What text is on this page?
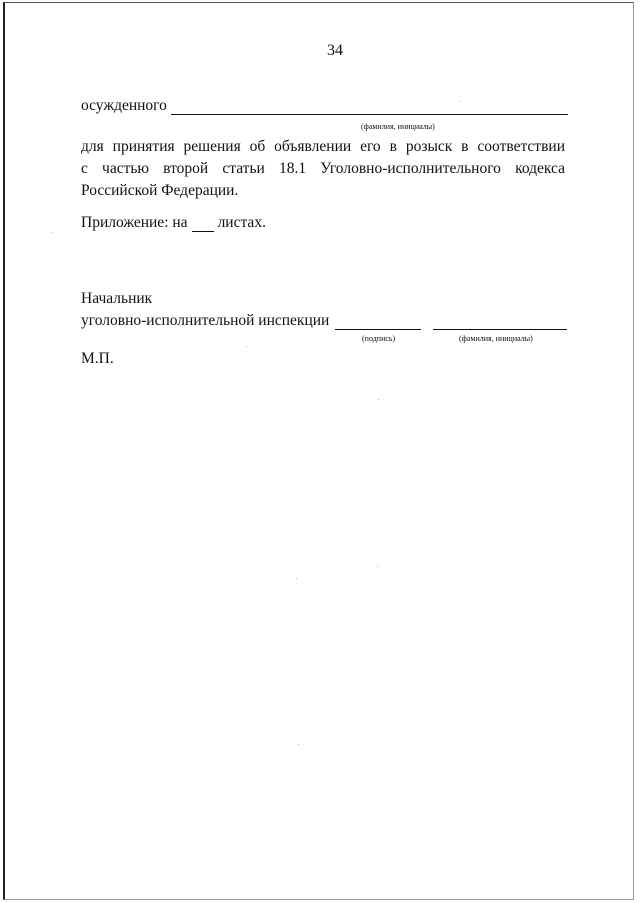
34
осужденного
(фамилия, инициалы)
для принятия решения об объявлении его в розыск в соответствии
с частью второй статьи 18.1 Уголовно-исполнительного кодекса
Российской Федерации.
Приложение: на листах.
Начальник
уголовно-исполнительной инспекции
(подпись)	(фамилия, инициалы)
М.П.
